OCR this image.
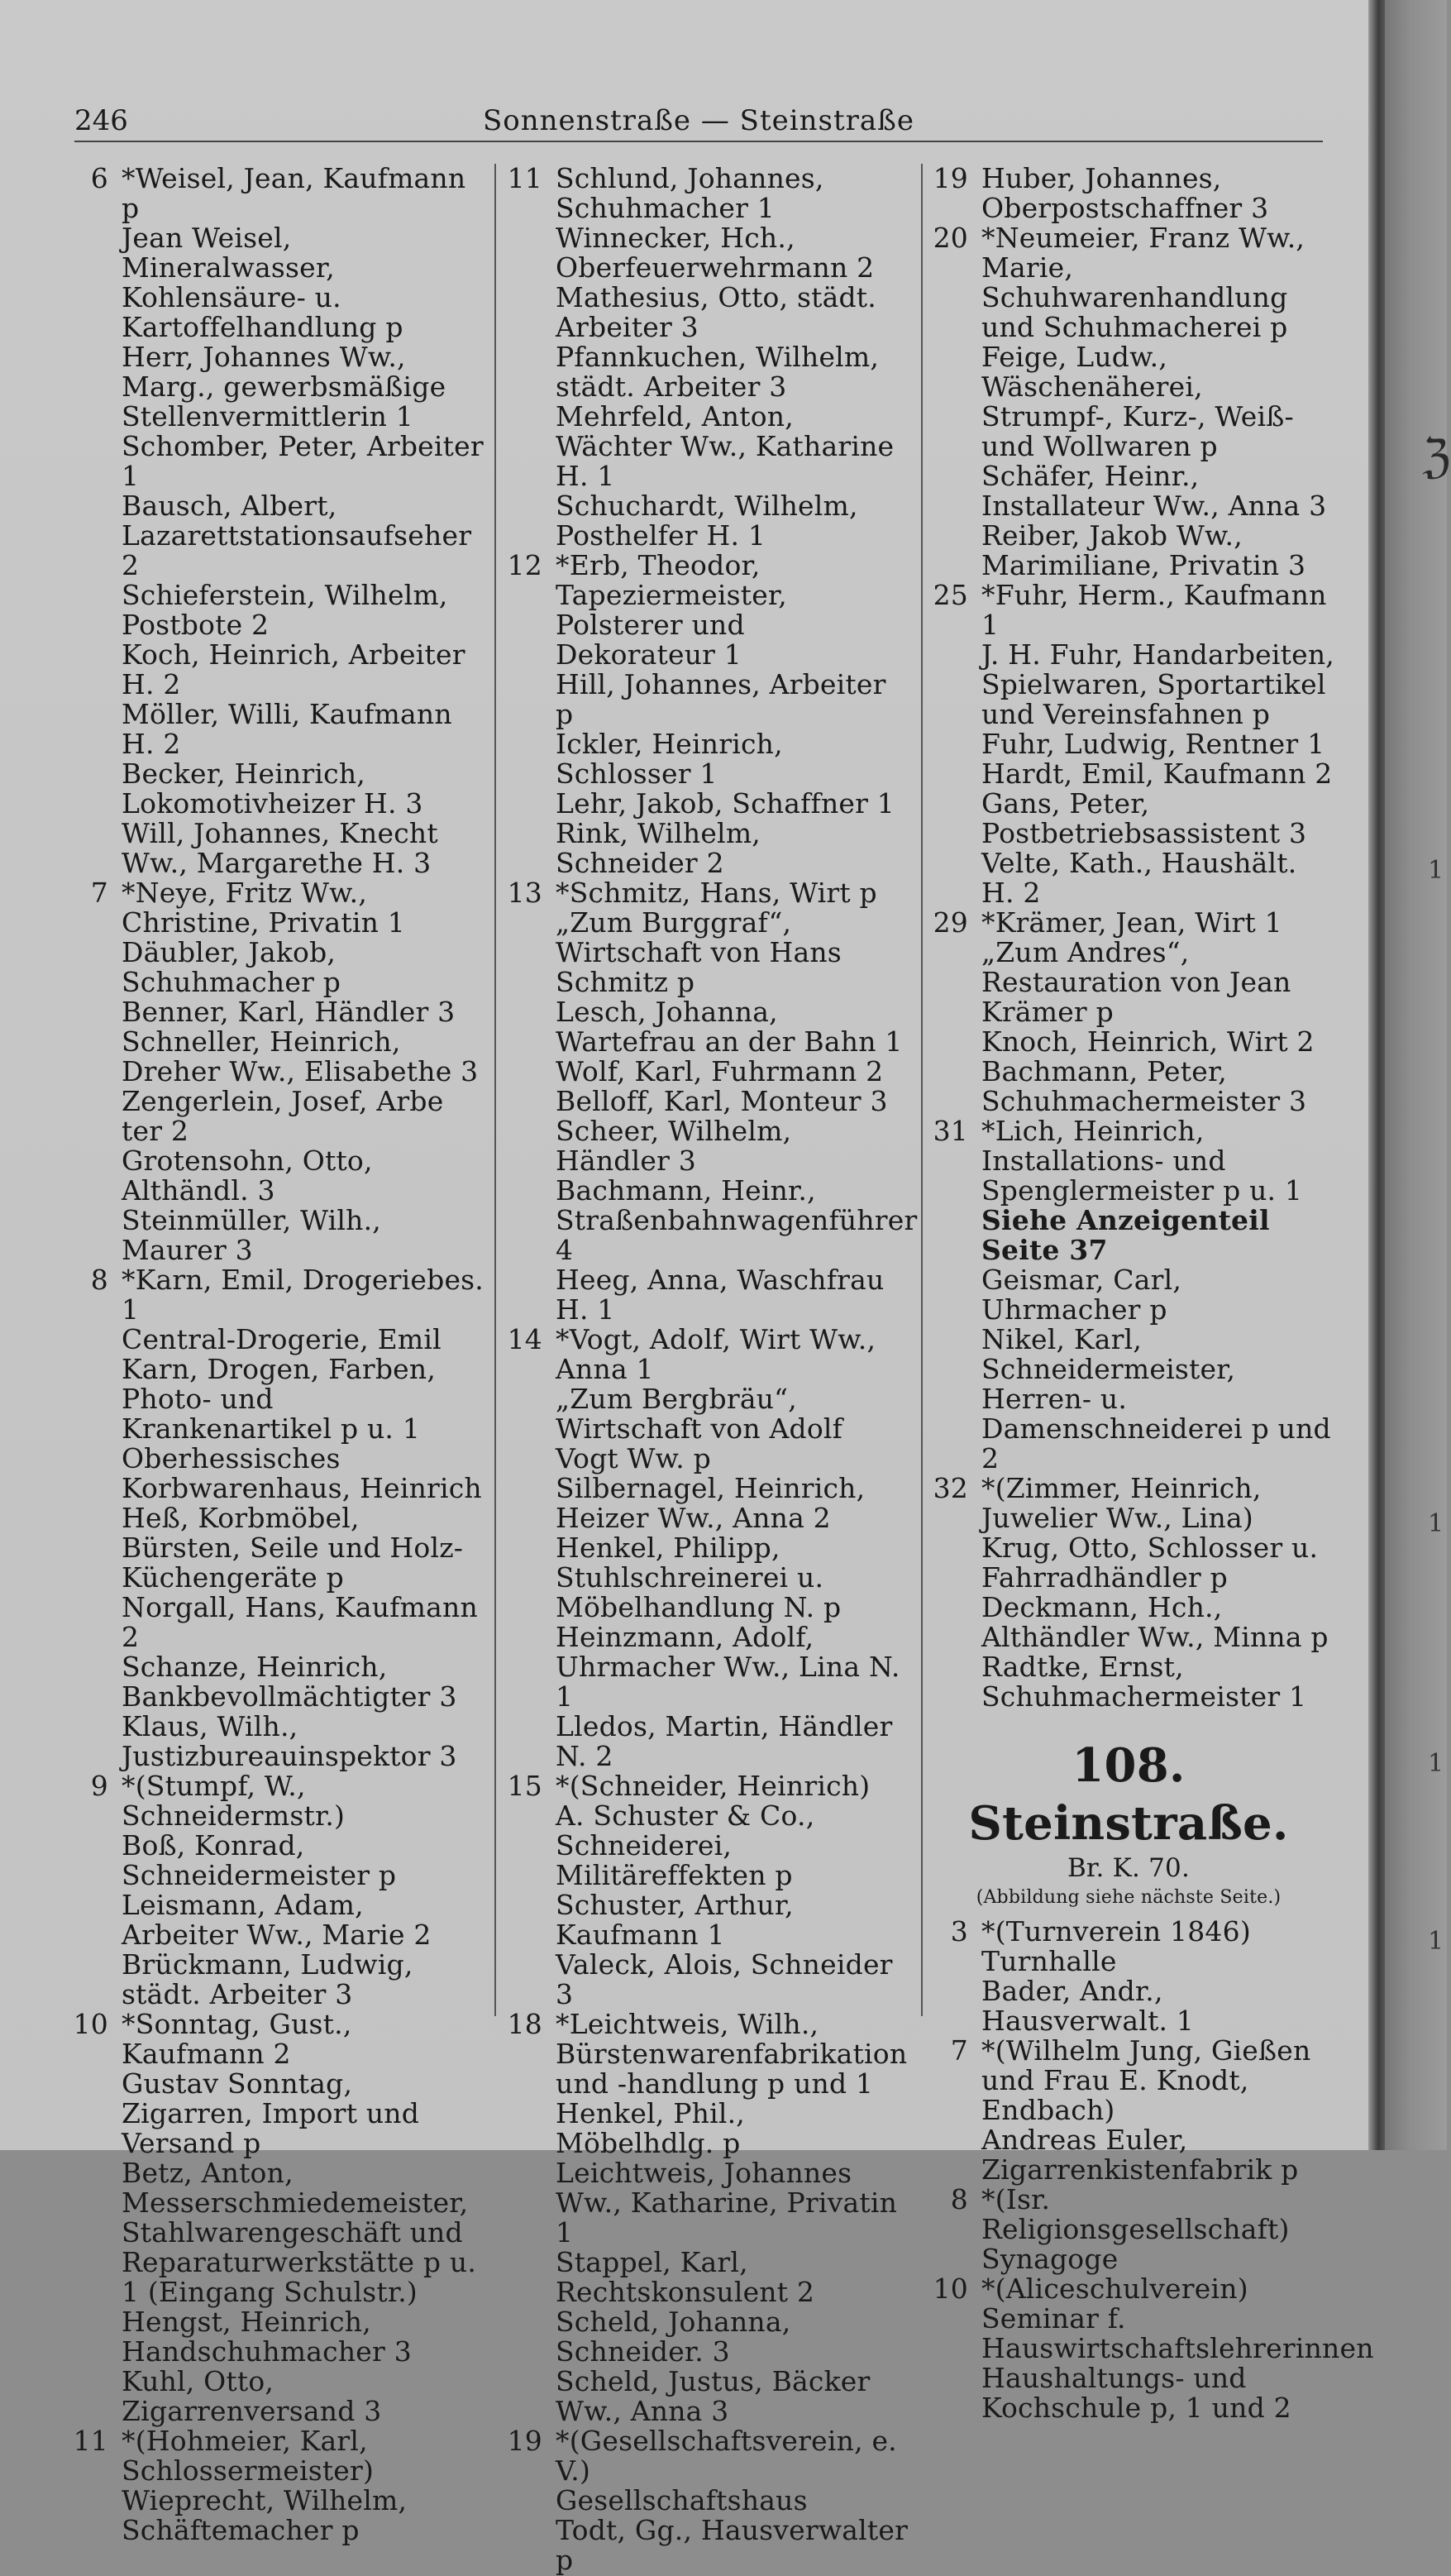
246	Sonnenstraße — Steinstraße
6 *Weisel, Jean, Kaufmann p
Jean Weisel, Mineralwasser, Kohlensäure- u. Kartoffelhandlung p
Herr, Johannes Ww., Marg., gewerbsmäßige Stellenvermittlerin 1
Schomber, Peter, Arbeiter 1
Bausch, Albert, Lazarettstationsaufseher 2
Schieferstein, Wilhelm, Postbote 2
Koch, Heinrich, Arbeiter H. 2
Möller, Willi, Kaufmann H. 2
Becker, Heinrich, Lokomotivheizer H. 3
Will, Johannes, Knecht Ww., Margarethe H. 3
7 *Neye, Fritz Ww., Christine, Privatin 1
Däubler, Jakob, Schuhmacher p
Benner, Karl, Händler 3
Schneller, Heinrich, Dreher Ww., Elisabethe 3
Zengerlein, Josef, Arbe ter 2
Grotensohn, Otto, Althändl. 3
Steinmüller, Wilh., Maurer 3
8 *Karn, Emil, Drogeriebes. 1
Central-Drogerie, Emil Karn, Drogen, Farben, Photo- und Krankenartikel p u. 1
Oberhessisches Korbwarenhaus, Heinrich Heß, Korbmöbel, Bürsten, Seile und Holz-Küchengeräte p
Norgall, Hans, Kaufmann 2
Schanze, Heinrich, Bankbevollmächtigter 3
Klaus, Wilh., Justizbureauinspektor 3
9 *(Stumpf, W., Schneidermstr.)
Boß, Konrad, Schneidermeister p
Leismann, Adam, Arbeiter Ww., Marie 2
Brückmann, Ludwig, städt. Arbeiter 3
10 *Sonntag, Gust., Kaufmann 2
Gustav Sonntag, Zigarren, Import und Versand p
Betz, Anton, Messerschmiedemeister, Stahlwarengeschäft und Reparaturwerkstätte p u. 1 (Eingang Schulstr.)
Hengst, Heinrich, Handschuhmacher 3
Kuhl, Otto, Zigarrenversand 3
11 *(Hohmeier, Karl, Schlossermeister)
Wieprecht, Wilhelm, Schäftemacher p
11 Schlund, Johannes, Schuhmacher 1
Winnecker, Hch., Oberfeuerwehrmann 2
Mathesius, Otto, städt. Arbeiter 3
Pfannkuchen, Wilhelm, städt. Arbeiter 3
Mehrfeld, Anton, Wächter Ww., Katharine H. 1
Schuchardt, Wilhelm, Posthelfer H. 1
12 *Erb, Theodor, Tapeziermeister, Polsterer und Dekorateur 1
Hill, Johannes, Arbeiter p
Ickler, Heinrich, Schlosser 1
Lehr, Jakob, Schaffner 1
Rink, Wilhelm, Schneider 2
13 *Schmitz, Hans, Wirt p
„Zum Burggraf“, Wirtschaft von Hans Schmitz p
Lesch, Johanna, Wartefrau an der Bahn 1
Wolf, Karl, Fuhrmann 2
Belloff, Karl, Monteur 3
Scheer, Wilhelm, Händler 3
Bachmann, Heinr., Straßenbahnwagenführer 4
Heeg, Anna, Waschfrau H. 1
14 *Vogt, Adolf, Wirt Ww., Anna 1
„Zum Bergbräu“, Wirtschaft von Adolf Vogt Ww. p
Silbernagel, Heinrich, Heizer Ww., Anna 2
Henkel, Philipp, Stuhlschreinerei u. Möbelhandlung N. p
Heinzmann, Adolf, Uhrmacher Ww., Lina N. 1
Lledos, Martin, Händler N. 2
15 *(Schneider, Heinrich)
A. Schuster & Co., Schneiderei, Militäreffekten p
Schuster, Arthur, Kaufmann 1
Valeck, Alois, Schneider 3
18 *Leichtweis, Wilh., Bürstenwarenfabrikation und -handlung p und 1
Henkel, Phil., Möbelhdlg. p
Leichtweis, Johannes Ww., Katharine, Privatin 1
Stappel, Karl, Rechtskonsulent 2
Scheld, Johanna, Schneider. 3
Scheld, Justus, Bäcker Ww., Anna 3
19 *(Gesellschaftsverein, e. V.)
Gesellschaftshaus
Todt, Gg., Hausverwalter p
19 Huber, Johannes, Oberpostschaffner 3
20 *Neumeier, Franz Ww., Marie, Schuhwarenhandlung und Schuhmacherei p
Feige, Ludw., Wäschenäherei, Strumpf-, Kurz-, Weiß- und Wollwaren p
Schäfer, Heinr., Installateur Ww., Anna 3
Reiber, Jakob Ww., Marimiliane, Privatin 3
25 *Fuhr, Herm., Kaufmann 1
J. H. Fuhr, Handarbeiten, Spielwaren, Sportartikel und Vereinsfahnen p
Fuhr, Ludwig, Rentner 1
Hardt, Emil, Kaufmann 2
Gans, Peter, Postbetriebsassistent 3
Velte, Kath., Haushält. H. 2
29 *Krämer, Jean, Wirt 1
„Zum Andres“, Restauration von Jean Krämer p
Knoch, Heinrich, Wirt 2
Bachmann, Peter, Schuhmachermeister 3
31 *Lich, Heinrich, Installations- und Spenglermeister p u. 1
Siehe Anzeigenteil Seite 37
Geismar, Carl, Uhrmacher p
Nikel, Karl, Schneidermeister, Herren- u. Damenschneiderei p und 2
32 *(Zimmer, Heinrich, Juwelier Ww., Lina)
Krug, Otto, Schlosser u. Fahrradhändler p
Deckmann, Hch., Althändler Ww., Minna p
Radtke, Ernst, Schuhmachermeister 1
108. Steinstraße.
Br. K. 70.
(Abbildung siehe nächste Seite.)
3 *(Turnverein 1846)
Turnhalle
Bader, Andr., Hausverwalt. 1
7 *(Wilhelm Jung, Gießen und Frau E. Knodt, Endbach)
Andreas Euler, Zigarrenkistenfabrik p
8 *(Isr. Religionsgesellschaft)
Synagoge
10 *(Aliceschulverein)
Seminar f. Hauswirtschaftslehrerinnen
Haushaltungs- und Kochschule p, 1 und 2
ℨ
1
1
1
1
